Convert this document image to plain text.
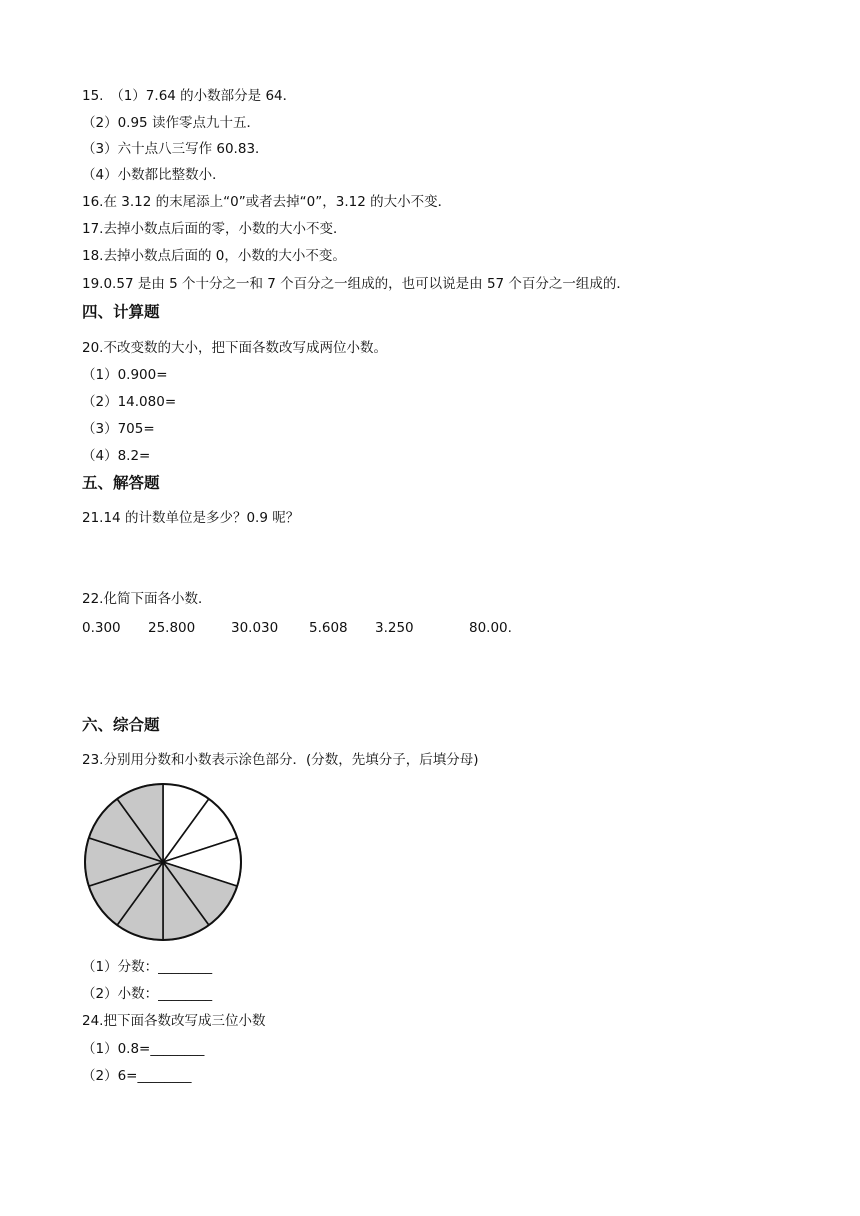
15.　（1）7.64 的小数部分是 64．
（2）0.95 读作零点九十五．
（3）六十点八三写作 60.83．
（4）小数都比整数小．
16.在 3.12 的末尾添上“0”或者去掉“0”，3.12 的大小不变．
17.去掉小数点后面的零，小数的大小不变．
18.去掉小数点后面的 0，小数的大小不变。
19.0.57 是由 5 个十分之一和 7 个百分之一组成的，也可以说是由 57 个百分之一组成的．
四、计算题
20.不改变数的大小，把下面各数改写成两位小数。
（1）0.900=
（2）14.080=
（3）705=
（4）8.2=
五、解答题
21.14 的计数单位是多少？0.9 呢？
22.化简下面各小数．
0.300 25.800	30.030 5.608 3.250	80.00.
六、综合题
23.分别用分数和小数表示涂色部分．(分数，先填分子，后填分母)
（1）分数：________
（2）小数：________
24.把下面各数改写成三位小数
（1）0.8=________
（2）6=________
